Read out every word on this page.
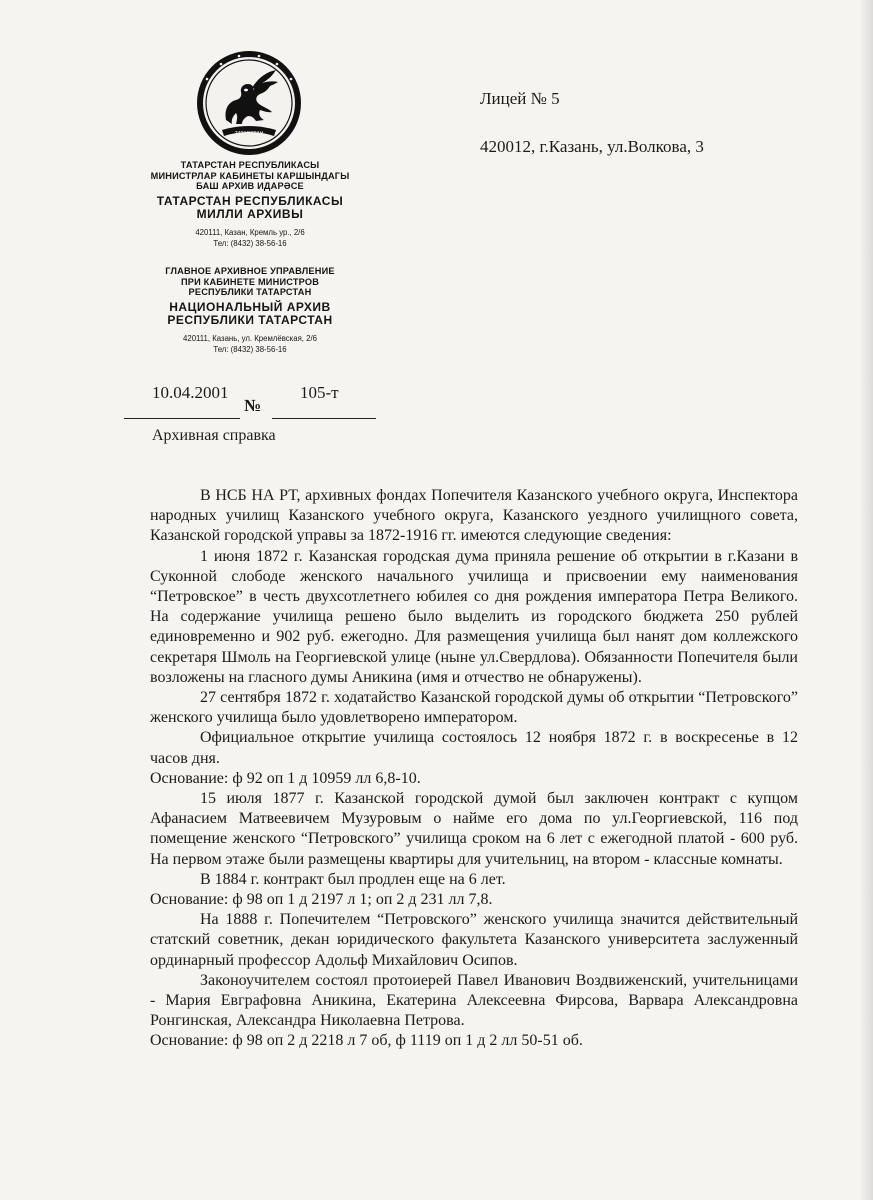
ТАТАРСТАН
ТАТАРСТАН РЕСПУБЛИКАСЫ
МИНИСТРЛАР КАБИНЕТЫ КАРШЫНДАГЫ
БАШ АРХИВ ИДАРӘСЕ
ТАТАРСТАН РЕСПУБЛИКАСЫ
МИЛЛИ АРХИВЫ
420111, Казан, Кремль ур., 2/6
Тел: (8432) 38-56-16
ГЛАВНОЕ АРХИВНОЕ УПРАВЛЕНИЕ
ПРИ КАБИНЕТЕ МИНИСТРОВ
РЕСПУБЛИКИ ТАТАРСТАН
НАЦИОНАЛЬНЫЙ АРХИВ
РЕСПУБЛИКИ ТАТАРСТАН
420111, Казань, ул. Кремлёвская, 2/6
Тел: (8432) 38-56-16
Лицей № 5
420012, г.Казань, ул.Волкова, 3
10.04.2001
№
105-т
Архивная справка

В НСБ НА РТ, архивных фондах Попечителя Казанского учебного округа, Инспектора народных училищ Казанского учебного округа, Казанского уездного училищного совета, Казанской городской управы за 1872-1916 гг. имеются следующие сведения:

1 июня 1872 г. Казанская городская дума приняла решение об открытии в г.Казани в Суконной слободе женского начального училища и присвоении ему наименования “Петровское” в честь двухсотлетнего юбилея со дня рождения императора Петра Великого. На содержание училища решено было выделить из городского бюджета 250 рублей единовременно и 902 руб. ежегодно. Для размещения училища был нанят дом коллежского секретаря Шмоль на Георгиевской улице (ныне ул.Свердлова). Обязанности Попечителя были возложены на гласного думы Аникина (имя и отчество не обнаружены).

27 сентября 1872 г. ходатайство Казанской городской думы об открытии “Петровского” женского училища было удовлетворено императором.

Официальное открытие училища состоялось 12 ноября 1872 г. в воскресенье в 12 часов дня.

Основание: ф 92 оп 1 д 10959 лл 6,8-10.

15 июля 1877 г. Казанской городской думой был заключен контракт с купцом Афанасием Матвеевичем Музуровым о найме его дома по ул.Георгиевской, 116 под помещение женского “Петровского” училища сроком на 6 лет с ежегодной платой - 600 руб. На первом этаже были размещены квартиры для учительниц, на втором - классные комнаты.

В 1884 г. контракт был продлен еще на 6 лет.

Основание: ф 98 оп 1 д 2197 л 1; оп 2 д 231 лл 7,8.

На 1888 г. Попечителем “Петровского” женского училища значится действительный статский советник, декан юридического факультета Казанского университета заслуженный ординарный профессор Адольф Михайлович Осипов.

Законоучителем состоял протоиерей Павел Иванович Воздвиженский, учительницами - Мария Евграфовна Аникина, Екатерина Алексеевна Фирсова, Варвара Александровна Ронгинская, Александра Николаевна Петрова.

Основание: ф 98 оп 2 д 2218 л 7 об, ф 1119 оп 1 д 2 лл 50-51 об.
